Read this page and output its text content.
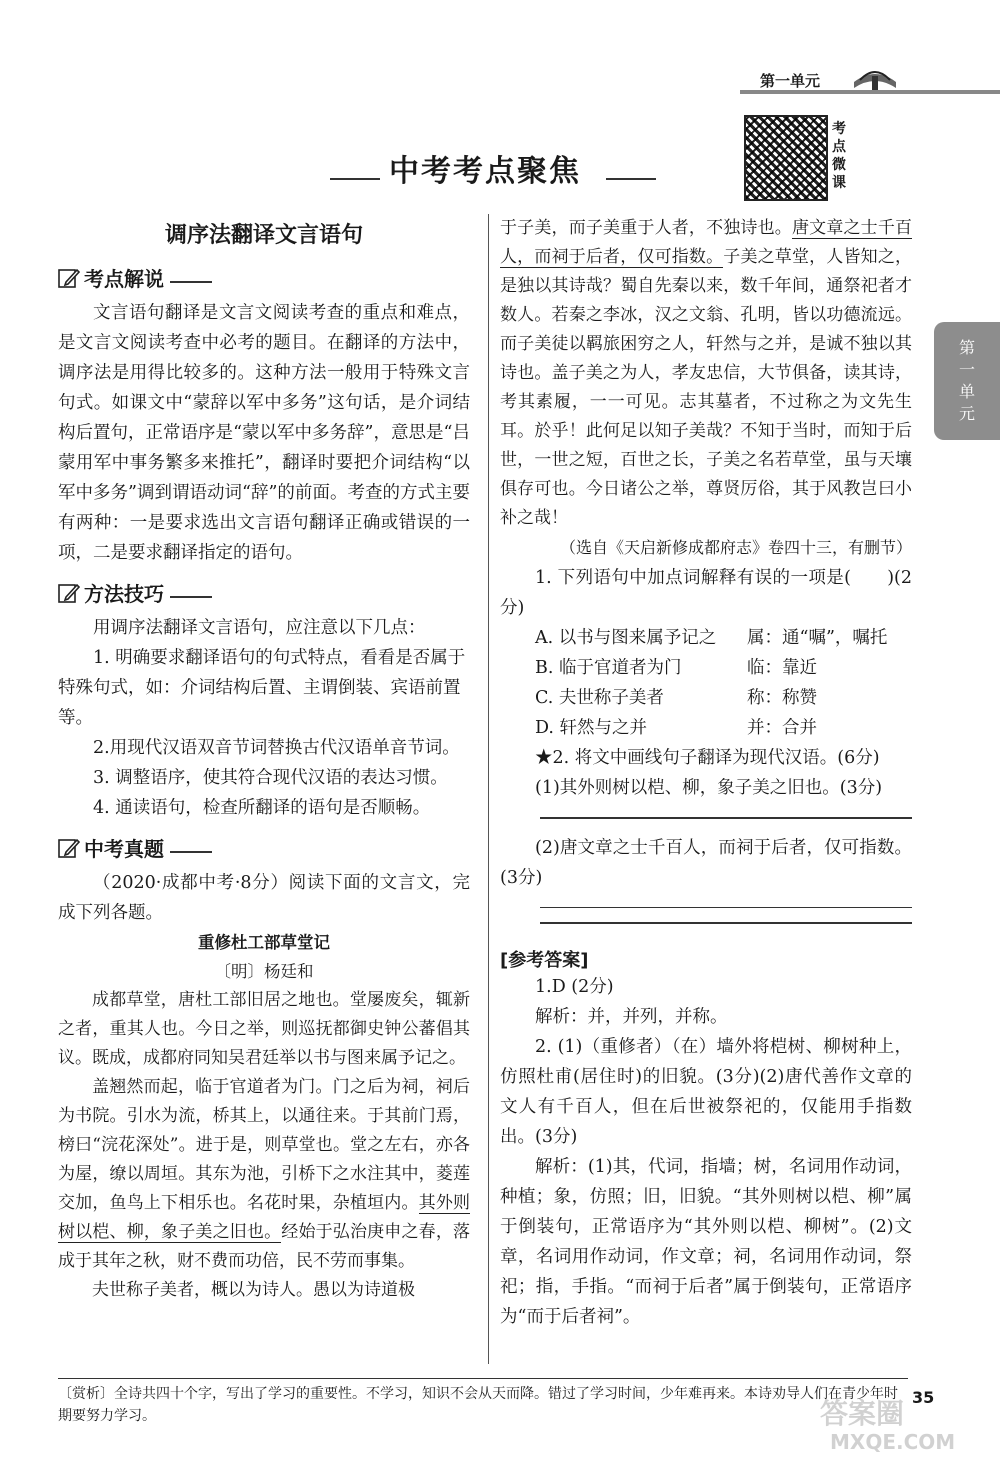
第一单元
第
一
单
元
考点微课
中考考点聚焦
调序法翻译文言语句
考点解说

文言语句翻译是文言文阅读考查的重点和难点，是文言文阅读考查中必考的题目。在翻译的方法中，调序法是用得比较多的。这种方法一般用于特殊文言句式。如课文中“蒙辞以军中多务”这句话，是介词结构后置句，正常语序是“蒙以军中多务辞”，意思是“吕蒙用军中事务繁多来推托”，翻译时要把介词结构“以军中多务”调到谓语动词“辞”的前面。考查的方式主要有两种：一是要求选出文言语句翻译正确或错误的一项，二是要求翻译指定的语句。

方法技巧

用调序法翻译文言语句，应注意以下几点：

1. 明确要求翻译语句的句式特点，看看是否属于特殊句式，如：介词结构后置、主谓倒装、宾语前置等。

2.用现代汉语双音节词替换古代汉语单音节词。

3. 调整语序，使其符合现代汉语的表达习惯。

4. 通读语句，检查所翻译的语句是否顺畅。

中考真题

（2020·成都中考·8分）阅读下面的文言文，完成下列各题。

重修杜工部草堂记
〔明〕杨廷和

成都草堂，唐杜工部旧居之地也。堂屡废矣，辄新之者，重其人也。今日之举，则巡抚都御史钟公蕃倡其议。既成，成都府同知吴君廷举以书与图来属予记之。

盖翘然而起，临于官道者为门。门之后为祠，祠后为书院。引水为流，桥其上，以通往来。于其前门焉，榜曰“浣花深处”。进于是，则草堂也。堂之左右，亦各为屋，缭以周垣。其东为池，引桥下之水注其中，菱莲交加，鱼鸟上下相乐也。名花时果，杂植垣内。其外则树以桤、柳，象子美之旧也。经始于弘治庚申之春，落成于其年之秋，财不费而功倍，民不劳而事集。

夫世称子美者，概以为诗人。愚以为诗道极

于子美，而子美重于人者，不独诗也。唐文章之士千百人，而祠于后者，仅可指数。子美之草堂，人皆知之，是独以其诗哉？蜀自先秦以来，数千年间，通祭祀者才数人。若秦之李冰，汉之文翁、孔明，皆以功德流远。而子美徒以羁旅困穷之人，轩然与之并，是诚不独以其诗也。盖子美之为人，孝友忠信，大节俱备，读其诗，考其素履，一一可见。志其墓者，不过称之为文先生耳。於乎！此何足以知子美哉？不知于当时，而知于后世，一世之短，百世之长，子美之名若草堂，虽与天壤俱存可也。今日诸公之举，尊贤厉俗，其于风教岂曰小补之哉！

（选自《天启新修成都府志》卷四十三，有删节）

1. 下列语句中加点词解释有误的一项是(　　)(2分)

A. 以书与图来属予记之	属：通“嘱”，嘱托
B. 临于官道者为门	临：靠近
C. 夫世称子美者	称：称赞
D. 轩然与之并	并：合并

★2. 将文中画线句子翻译为现代汉语。(6分)

(1)其外则树以桤、柳，象子美之旧也。(3分)

(2)唐文章之士千百人，而祠于后者，仅可指数。(3分)

[参考答案]

1.D (2分)

解析：并，并列，并称。

2. (1)（重修者）（在）墙外将桤树、柳树种上，仿照杜甫(居住时)的旧貌。(3分)(2)唐代善作文章的文人有千百人，但在后世被祭祀的，仅能用手指数出。(3分)

解析：(1)其，代词，指墙；树，名词用作动词，种植；象，仿照；旧，旧貌。“其外则树以桤、柳”属于倒装句，正常语序为“其外则以桤、柳树”。(2)文章，名词用作动词，作文章；祠，名词用作动词，祭祀；指，手指。“而祠于后者”属于倒装句，正常语序为“而于后者祠”。

〔赏析〕全诗共四十个字，写出了学习的重要性。不学习，知识不会从天而降。错过了学习时间，少年难再来。本诗劝导人们在青少年时期要努力学习。
35
答案圈
MXQE.COM
